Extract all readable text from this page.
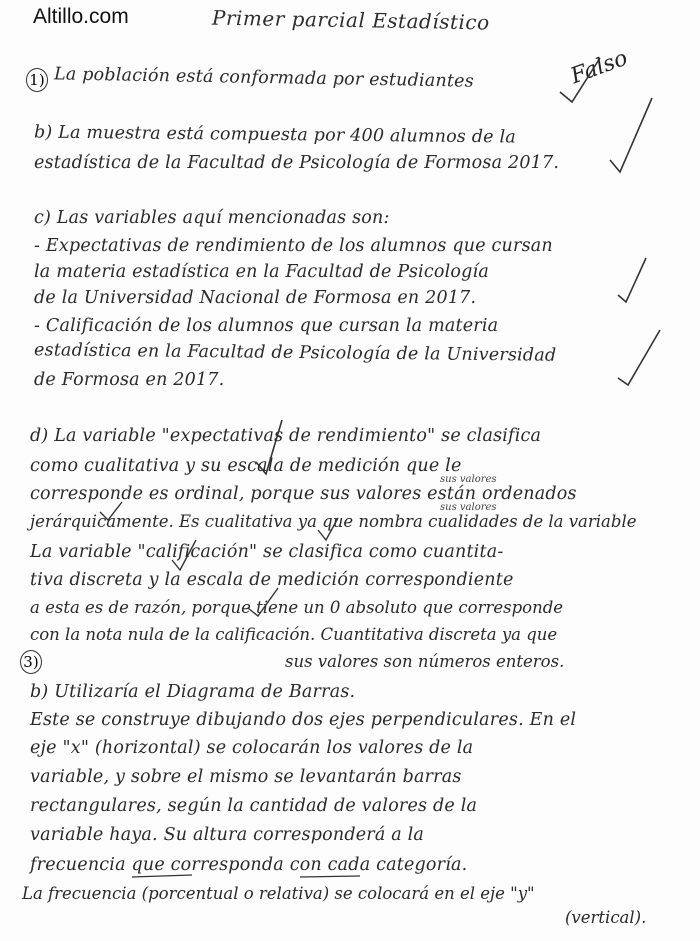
Altillo.com	Primer parcial Estadístico
1) La población está conformada por estudiantes	Falso
b) La muestra está compuesta por 400 alumnos de la
estadística de la Facultad de Psicología de Formosa 2017.
c) Las variables aquí mencionadas son:
- Expectativas de rendimiento de los alumnos que cursan
la materia estadística en la Facultad de Psicología
de la Universidad Nacional de Formosa en 2017.
- Calificación de los alumnos que cursan la materia
estadística en la Facultad de Psicología de la Universidad
de Formosa en 2017.
d) La variable "expectativas de rendimiento" se clasifica
como cualitativa y su escala de medición que le
sus valores
corresponde es ordinal, porque sus valores están ordenados
sus valores
jerárquicamente. Es cualitativa ya que nombra cualidades de la variable
La variable "calificación" se clasifica como cuantita-
tiva discreta y la escala de medición correspondiente
a esta es de razón, porque tiene un 0 absoluto que corresponde
con la nota nula de la calificación. Cuantitativa discreta ya que
3)	sus valores son números enteros.
b) Utilizaría el Diagrama de Barras.
Este se construye dibujando dos ejes perpendiculares. En el
eje "x" (horizontal) se colocarán los valores de la
variable, y sobre el mismo se levantarán barras
rectangulares, según la cantidad de valores de la
variable haya. Su altura corresponderá a la
frecuencia que corresponda con cada categoría.
La frecuencia (porcentual o relativa) se colocará en el eje "y"
(vertical).
